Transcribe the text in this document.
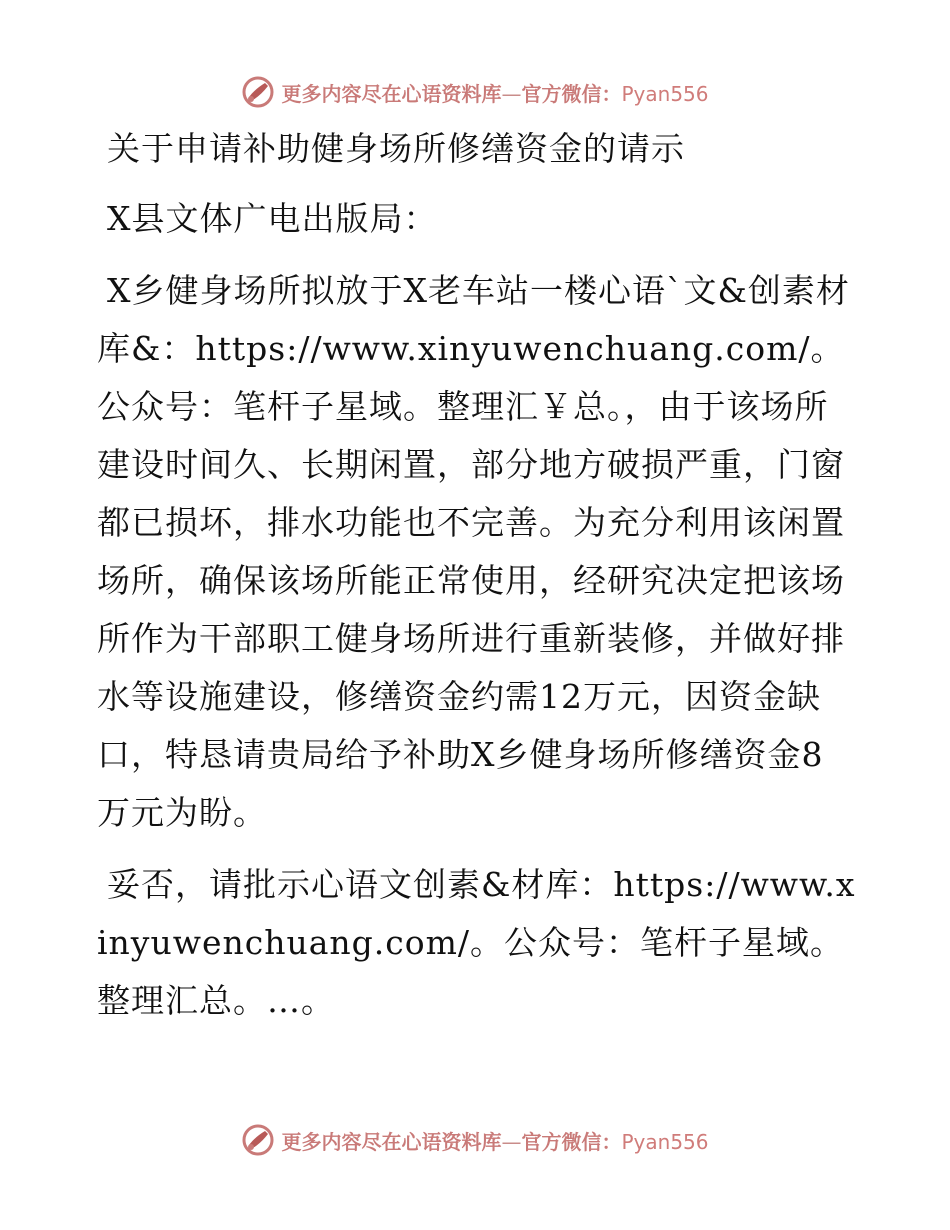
更多内容尽在心语资料库—官方微信：Pyan556

关于申请补助健身场所修缮资金的请示

X县文体广电出版局：

X乡健身场所拟放于X老车站一楼心语`文&创素材库&：https://www.xinyuwenchuang.com/。公众号：笔杆子星域。整理汇￥总。，由于该场所建设时间久、长期闲置，部分地方破损严重，门窗都已损坏，排水功能也不完善。为充分利用该闲置场所，确保该场所能正常使用，经研究决定把该场所作为干部职工健身场所进行重新装修，并做好排水等设施建设，修缮资金约需12万元，因资金缺口，特恳请贵局给予补助X乡健身场所修缮资金8万元为盼。

妥否，请批示心语文创素&材库：https://www.xinyuwenchuang.com/。公众号：笔杆子星域。整理汇总。…。

更多内容尽在心语资料库—官方微信：Pyan556
